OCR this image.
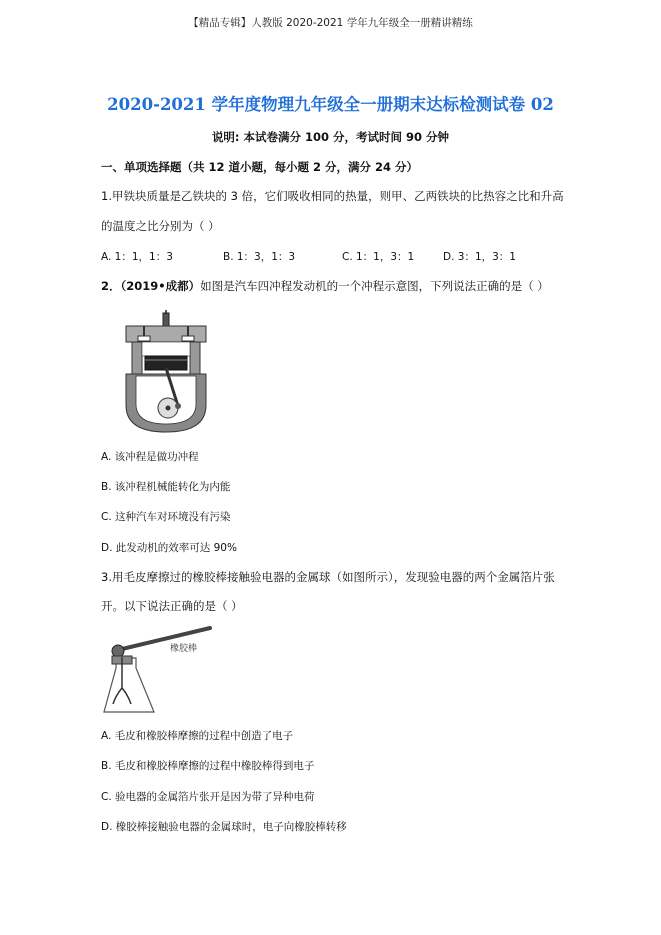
【精品专辑】人教版 2020-2021 学年九年级全一册精讲精练
2020-2021 学年度物理九年级全一册期末达标检测试卷 02
说明: 本试卷满分 100 分，考试时间 90 分钟
一、单项选择题（共 12 道小题，每小题 2 分，满分 24 分）
1.甲铁块质量是乙铁块的 3 倍，它们吸收相同的热量，则甲、乙两铁块的比热容之比和升高
的温度之比分别为（ ）
A. 1：1，1：3	B. 1：3，1：3	C. 1：1，3：1	D. 3：1，3：1
2．（2019•成都）如图是汽车四冲程发动机的一个冲程示意图，下列说法正确的是（ ）
A. 该冲程是做功冲程
B. 该冲程机械能转化为内能
C. 这种汽车对环境没有污染
D. 此发动机的效率可达 90%
3.用毛皮摩擦过的橡胶棒接触验电器的金属球（如图所示），发现验电器的两个金属箔片张
开。以下说法正确的是（ ）
橡胶棒
A. 毛皮和橡胶棒摩擦的过程中创造了电子
B. 毛皮和橡胶棒摩擦的过程中橡胶棒得到电子
C. 验电器的金属箔片张开是因为带了异种电荷
D. 橡胶棒接触验电器的金属球时，电子向橡胶棒转移
